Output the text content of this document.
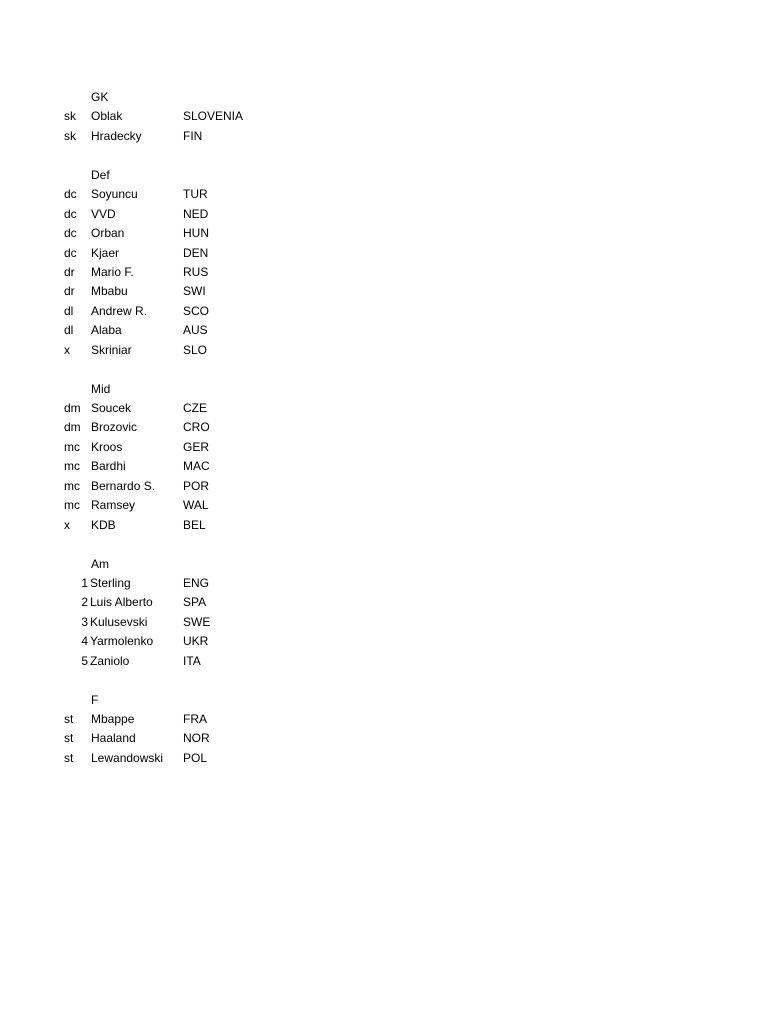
GK
sk	Oblak	SLOVENIA
sk	Hradecky	FIN
Def
dc	Soyuncu	TUR
dc	VVD	NED
dc	Orban	HUN
dc	Kjaer	DEN
dr	Mario F.	RUS
dr	Mbabu	SWI
dl	Andrew R.	SCO
dl	Alaba	AUS
x	Skriniar	SLO
Mid
dm Soucek	CZE
dm Brozovic	CRO
mc Kroos	GER
mc Bardhi	MAC
mc Bernardo S. POR
mc Ramsey	WAL
x	KDB	BEL
Am
1 Sterling	ENG
2 Luis Alberto	SPA
3 Kulusevski	SWE
4 Yarmolenko UKR
5 Zaniolo	ITA
F
st	Mbappe	FRA
st	Haaland	NOR
st	Lewandowski POL
